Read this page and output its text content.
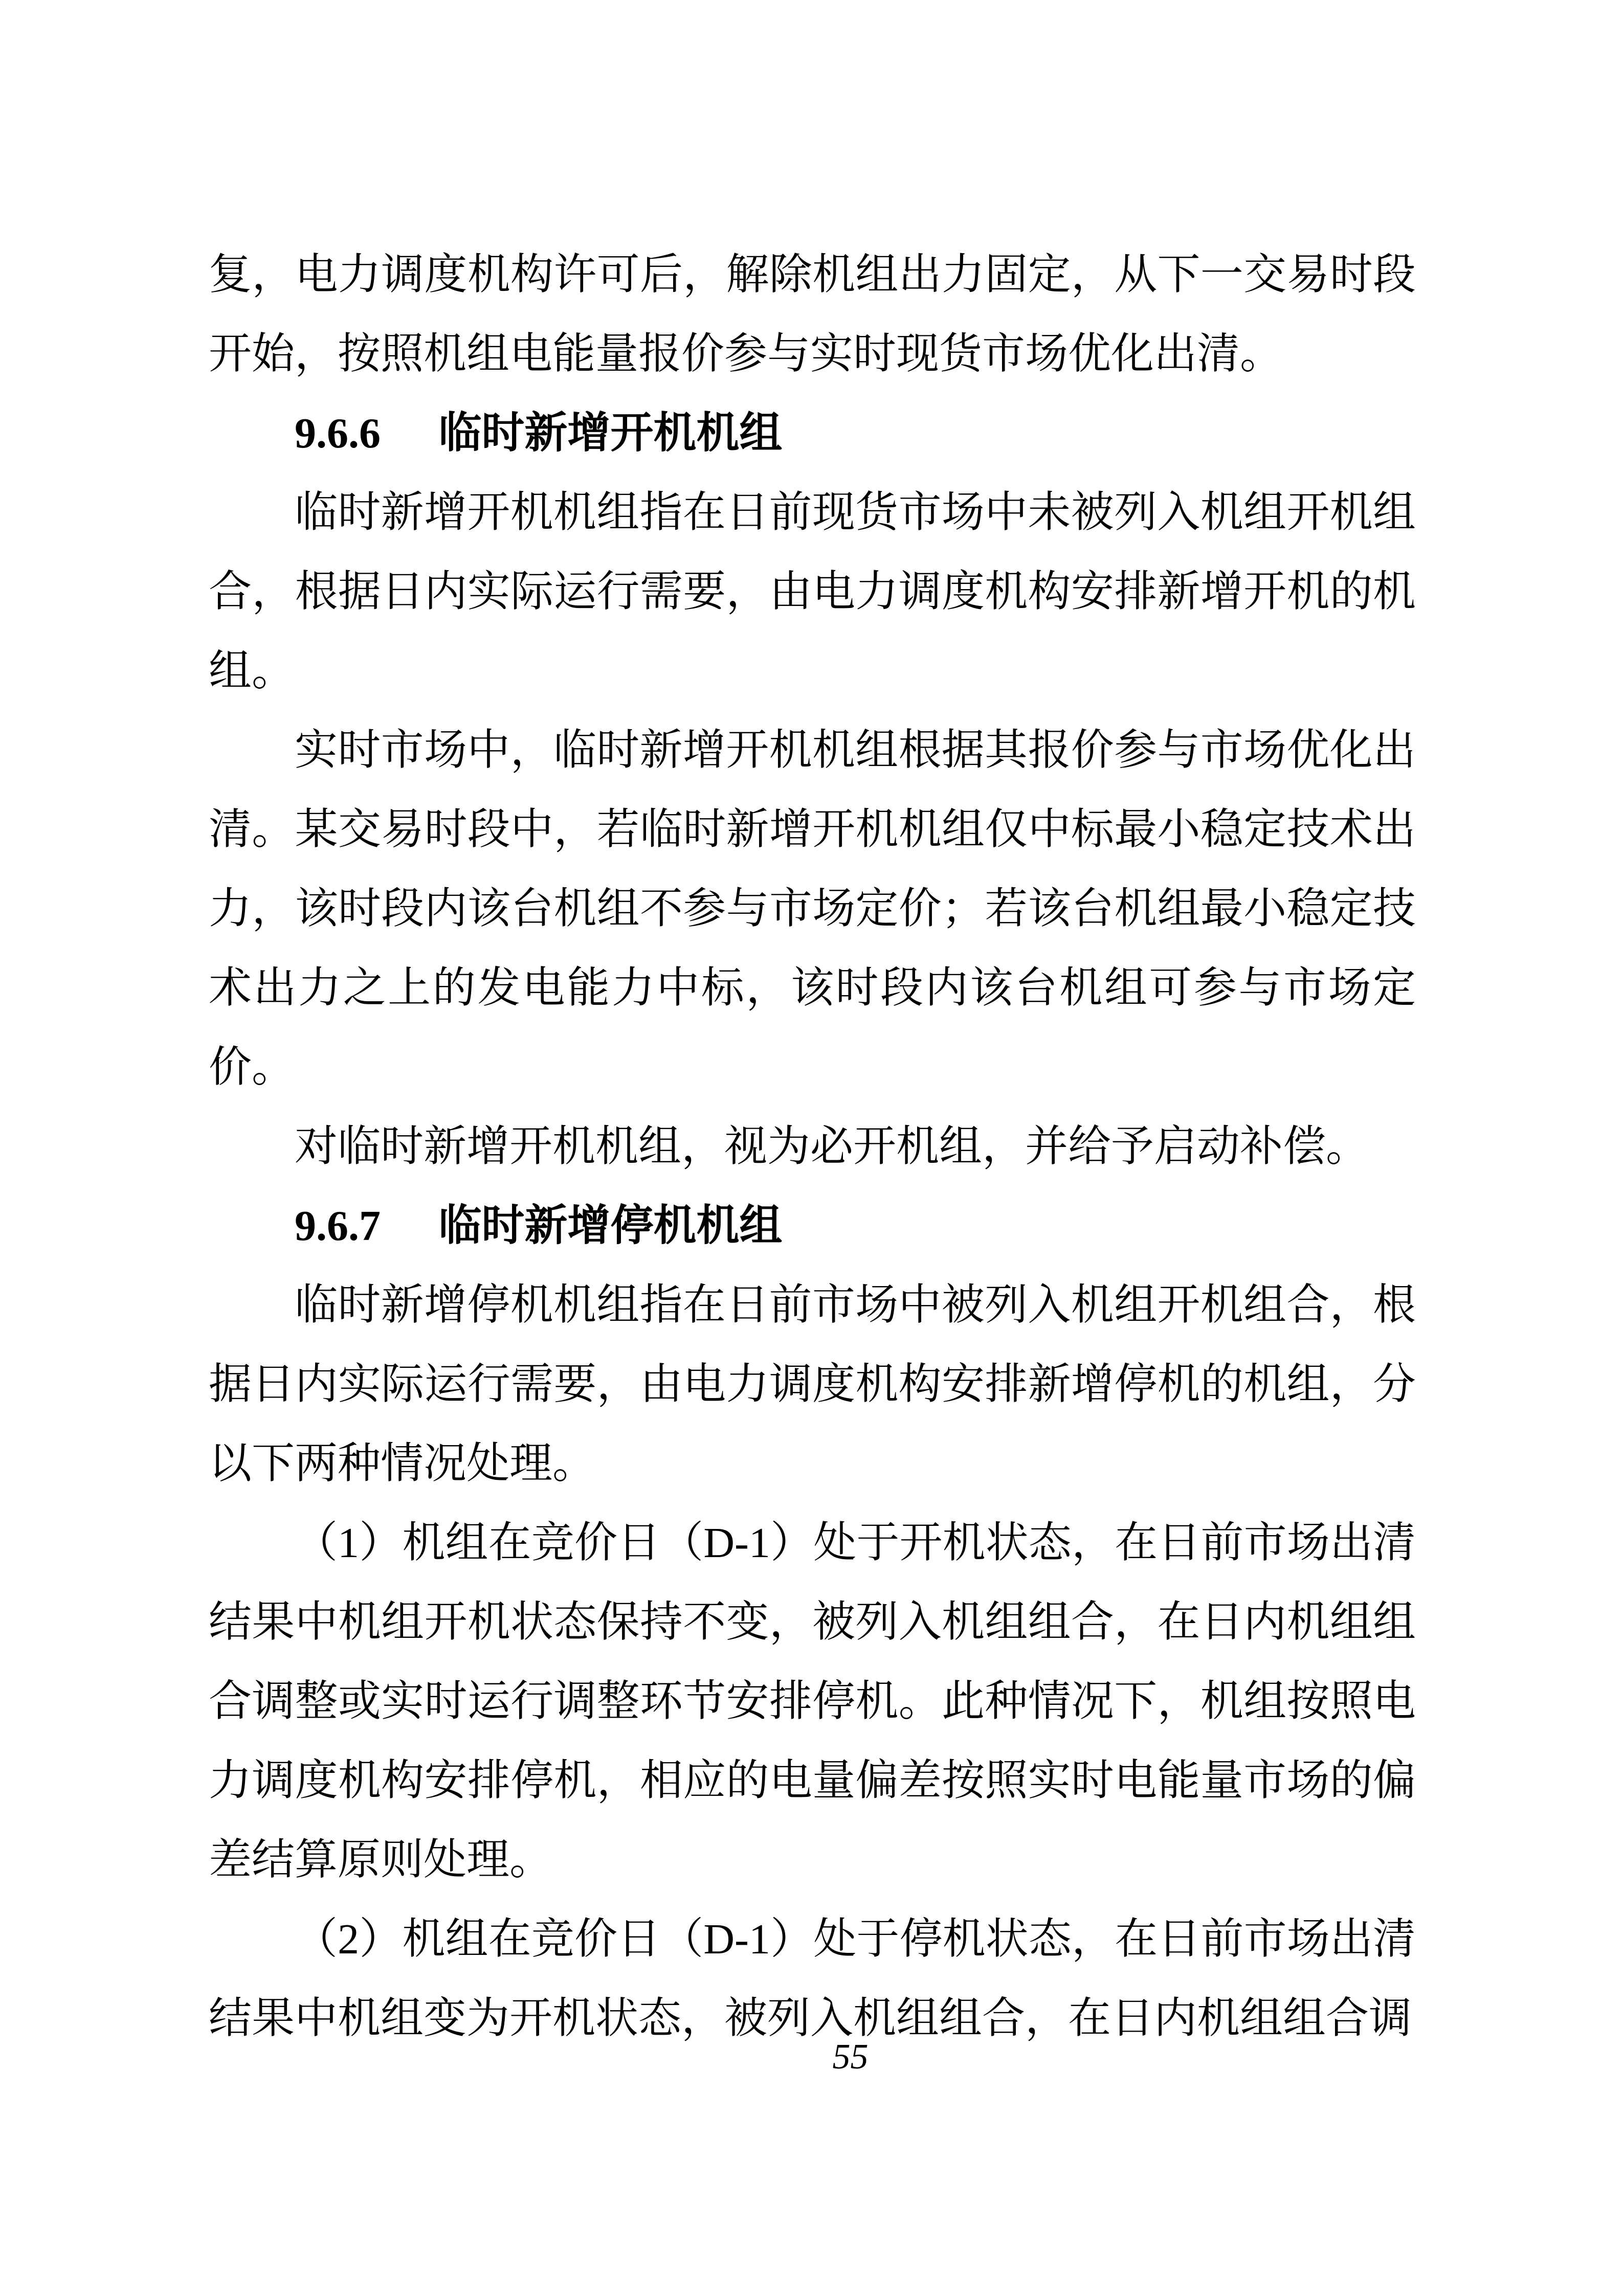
复，电力调度机构许可后，解除机组出力固定，从下一交易时段开始，按照机组电能量报价参与实时现货市场优化出清。

9.6.6 临时新增开机机组

临时新增开机机组指在日前现货市场中未被列入机组开机组合，根据日内实际运行需要，由电力调度机构安排新增开机的机组。

实时市场中，临时新增开机机组根据其报价参与市场优化出清。某交易时段中，若临时新增开机机组仅中标最小稳定技术出力，该时段内该台机组不参与市场定价；若该台机组最小稳定技术出力之上的发电能力中标，该时段内该台机组可参与市场定价。

对临时新增开机机组，视为必开机组，并给予启动补偿。

9.6.7 临时新增停机机组

临时新增停机机组指在日前市场中被列入机组开机组合，根据日内实际运行需要，由电力调度机构安排新增停机的机组，分以下两种情况处理。

（1）机组在竞价日（D-1）处于开机状态，在日前市场出清结果中机组开机状态保持不变，被列入机组组合，在日内机组组合调整或实时运行调整环节安排停机。此种情况下，机组按照电力调度机构安排停机，相应的电量偏差按照实时电能量市场的偏差结算原则处理。

（2）机组在竞价日（D-1）处于停机状态，在日前市场出清结果中机组变为开机状态，被列入机组组合，在日内机组组合调

55
